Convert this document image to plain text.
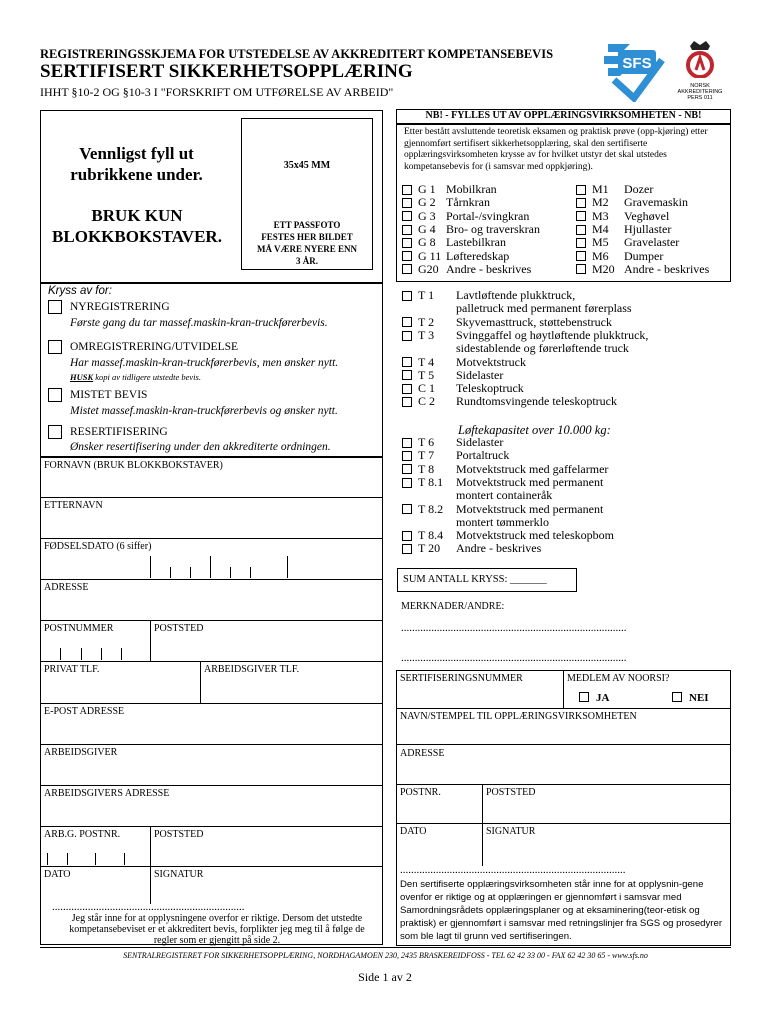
REGISTRERINGSSKJEMA FOR UTSTEDELSE AV AKKREDITERT KOMPETANSEBEVIS
SERTIFISERT SIKKERHETSOPPLÆRING
IHHT §10-2 OG §10-3 I "FORSKRIFT OM UTFØRELSE AV ARBEID"
SFS
NORSK
AKKREDITERING
PERS 011
Vennligst fyll ut rubrikkene under.
BRUK KUN BLOKKBOKSTAVER.
35x45 MM
ETT PASSFOTO FESTES HER BILDET MÅ VÆRE NYERE ENN 3 ÅR.
Kryss av for:
NYREGISTRERING
Første gang du tar massef.maskin-kran-truckførerbevis.
OMREGISTRERING/UTVIDELSE
Har massef.maskin-kran-truckførerbevis, men ønsker nytt.
HUSK kopi av tidligere utstedte bevis.
MISTET BEVIS
Mistet massef.maskin-kran-truckførerbevis og ønsker nytt.
RESERTIFISERING
Ønsker resertifisering under den akkrediterte ordningen.
FORNAVN (BRUK BLOKKBOKSTAVER)
ETTERNAVN
FØDSELSDATO (6 siffer)
ADRESSE
POSTNUMMER	POSTSTED
PRIVAT TLF.	ARBEIDSGIVER TLF.
E-POST ADRESSE
ARBEIDSGIVER
ARBEIDSGIVERS ADRESSE
ARB.G. POSTNR.	POSTSTED
DATO	SIGNATUR
......................................................................
Jeg står inne for at opplysningene overfor er riktige. Dersom det utstedte kompetansebeviset er et akkreditert bevis, forplikter jeg meg til å følge de regler som er gjengitt på side 2.
NB! - FYLLES UT AV OPPLÆRINGSVIRKSOMHETEN - NB!
Etter bestått avsluttende teoretisk eksamen og praktisk prøve (opp-kjøring) etter gjennomført sertifisert sikkerhetsopplæring, skal den sertifiserte opplæringsvirksomheten krysse av for hvilket utstyr det skal utstedes kompetansebevis for (i samsvar med oppkjøring).
G 1 Mobilkran
G 2 Tårnkran
G 3 Portal-/svingkran
G 4 Bro- og traverskran
G 8 Lastebilkran
G 11 Løfteredskap
G20 Andre - beskrives
M1	Dozer
M2	Gravemaskin
M3	Veghøvel
M4	Hjullaster
M5	Gravelaster
M6	Dumper
M20 Andre - beskrives
T 1	Lavtløftende plukktruck,
palletruck med permanent førerplass
T 2	Skyvemasttruck, støttebenstruck
T 3	Svinggaffel og høytløftende plukktruck,
sidestablende og førerløftende truck
T 4	Motvektstruck
T 5	Sidelaster
C 1	Teleskoptruck
C 2	Rundtomsvingende teleskoptruck
Løftekapasitet over 10.000 kg:
T 6	Sidelaster
T 7	Portaltruck
T 8	Motvektstruck med gaffelarmer
T 8.1	Motvektstruck med permanent
montert containeråk
T 8.2	Motvektstruck med permanent
montert tømmerklo
T 8.4	Motvektstruck med teleskopbom
T 20	Andre - beskrives
SUM ANTALL KRYSS: _______
MERKNADER/ANDRE:
..................................................................................
..................................................................................
SERTIFISERINGSNUMMER	MEDLEM AV NOORSI?
JA	NEI
NAVN/STEMPEL TIL OPPLÆRINGSVIRKSOMHETEN
ADRESSE
POSTNR.	POSTSTED
DATO	SIGNATUR
..................................................................................
Den sertifiserte opplæringsvirksomheten står inne for at opplysnin-gene ovenfor er riktige og at opplæringen er gjennomført i samsvar med Samordningsrådets opplæringsplaner og at eksaminering(teor-etisk og praktisk) er gjennomført i samsvar med retningslinjer fra SGS og prosedyrer som ble lagt til grunn ved sertifiseringen.
SENTRALREGISTERET FOR SIKKERHETSOPPLÆRING, NORDHAGAMOEN 230, 2435 BRASKEREIDFOSS - TEL 62 42 33 00 - FAX 62 42 30 65 - www.sfs.no
Side 1 av 2
